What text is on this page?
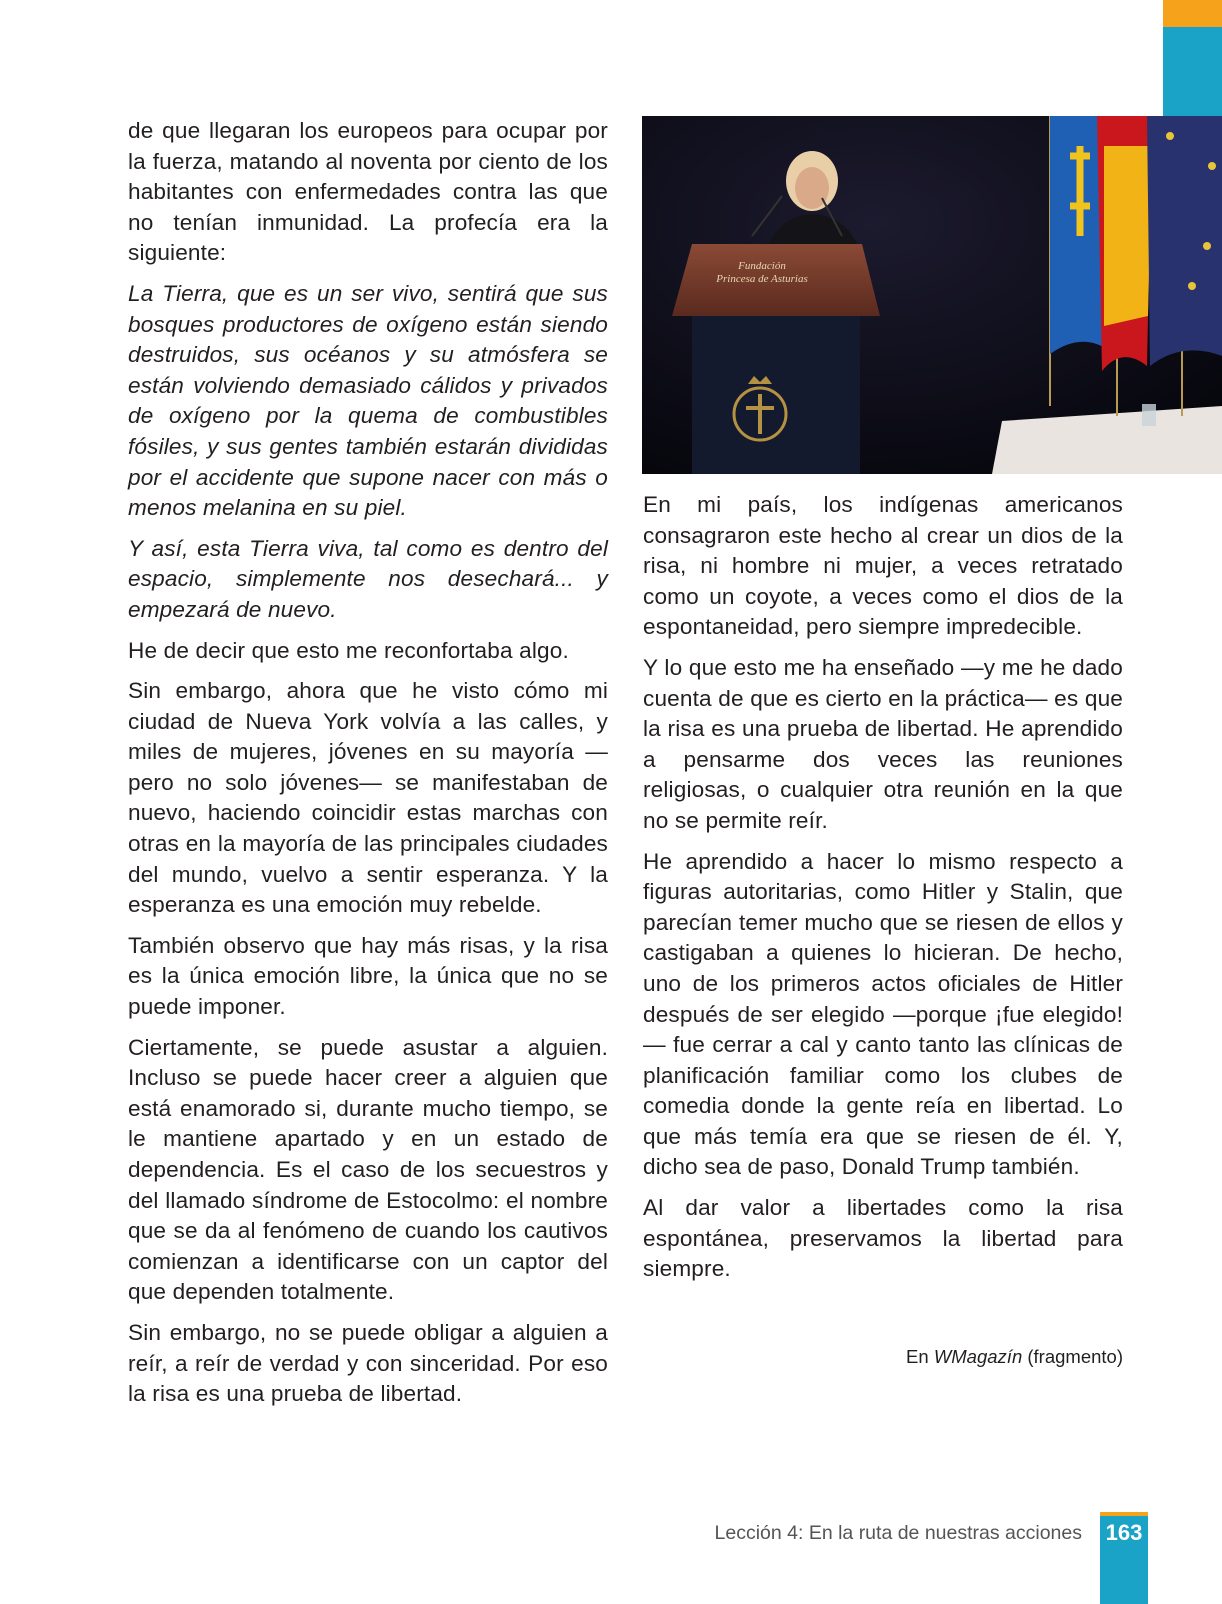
de que llegaran los europeos para ocupar por la fuerza, matando al noventa por ciento de los habitantes con enfermedades contra las que no tenían inmunidad. La profecía era la siguiente:

La Tierra, que es un ser vivo, sentirá que sus bosques productores de oxígeno están siendo destruidos, sus océanos y su atmósfera se están volviendo demasiado cálidos y privados de oxígeno por la quema de combustibles fósiles, y sus gentes también estarán divididas por el accidente que supone nacer con más o menos melanina en su piel.

Y así, esta Tierra viva, tal como es dentro del espacio, simplemente nos desechará... y empezará de nuevo.

He de decir que esto me reconfortaba algo.

Sin embargo, ahora que he visto cómo mi ciudad de Nueva York volvía a las calles, y miles de mujeres, jóvenes en su mayoría —pero no solo jóvenes— se manifestaban de nuevo, haciendo coincidir estas marchas con otras en la mayoría de las principales ciudades del mundo, vuelvo a sentir esperanza. Y la esperanza es una emoción muy rebelde.

También observo que hay más risas, y la risa es la única emoción libre, la única que no se puede imponer.

Ciertamente, se puede asustar a alguien. Incluso se puede hacer creer a alguien que está enamorado si, durante mucho tiempo, se le mantiene apartado y en un estado de dependencia. Es el caso de los secuestros y del llamado síndrome de Estocolmo: el nombre que se da al fenómeno de cuando los cautivos comienzan a identificarse con un captor del que dependen totalmente.

Sin embargo, no se puede obligar a alguien a reír, a reír de verdad y con sinceridad. Por eso la risa es una prueba de libertad.

Fundación
Princesa de Asturias

En mi país, los indígenas americanos consagraron este hecho al crear un dios de la risa, ni hombre ni mujer, a veces retratado como un coyote, a veces como el dios de la espontaneidad, pero siempre impredecible.

Y lo que esto me ha enseñado —y me he dado cuenta de que es cierto en la práctica— es que la risa es una prueba de libertad. He aprendido a pensarme dos veces las reuniones religiosas, o cualquier otra reunión en la que no se permite reír.

He aprendido a hacer lo mismo respecto a figuras autoritarias, como Hitler y Stalin, que parecían temer mucho que se riesen de ellos y castigaban a quienes lo hicieran. De hecho, uno de los primeros actos oficiales de Hitler después de ser elegido —porque ¡fue elegido!— fue cerrar a cal y canto tanto las clínicas de planificación familiar como los clubes de comedia donde la gente reía en libertad. Lo que más temía era que se riesen de él. Y, dicho sea de paso, Donald Trump también.

Al dar valor a libertades como la risa espontánea, preservamos la libertad para siempre.

En WMagazín (fragmento)
Lección 4: En la ruta de nuestras acciones 163
